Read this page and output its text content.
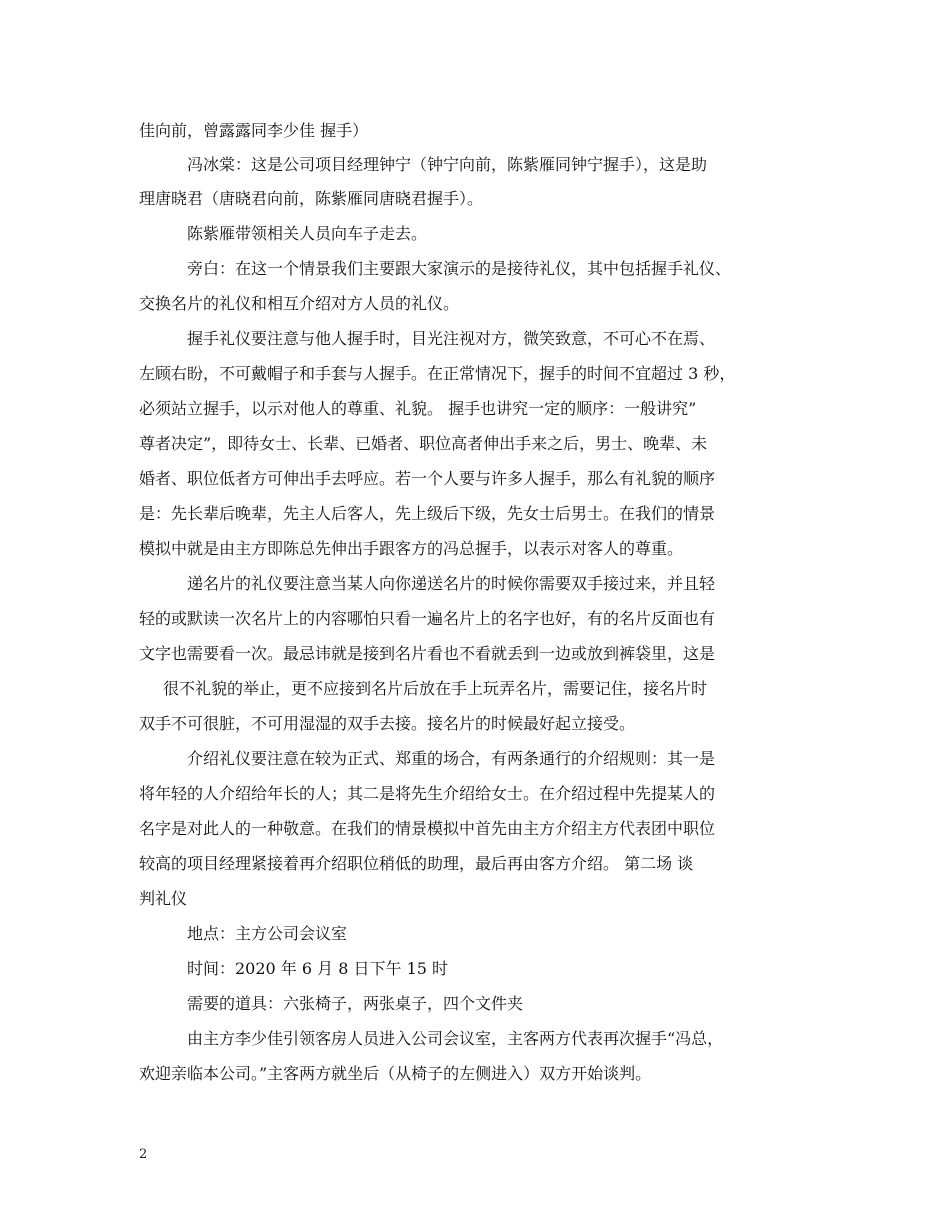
佳向前，曾露露同李少佳 握手）
冯冰棠：这是公司项目经理钟宁（钟宁向前，陈紫雁同钟宁握手），这是助
理唐晓君（唐晓君向前，陈紫雁同唐晓君握手）。
陈紫雁带领相关人员向车子走去。
旁白：在这一个情景我们主要跟大家演示的是接待礼仪，其中包括握手礼仪、
交换名片的礼仪和相互介绍对方人员的礼仪。
握手礼仪要注意与他人握手时，目光注视对方，微笑致意，不可心不在焉、
左顾右盼，不可戴帽子和手套与人握手。在正常情况下，握手的时间不宜超过 3 秒，
必须站立握手，以示对他人的尊重、礼貌。 握手也讲究一定的顺序：一般讲究”
尊者决定”，即待女士、长辈、已婚者、职位高者伸出手来之后，男士、晚辈、未
婚者、职位低者方可伸出手去呼应。若一个人要与许多人握手，那么有礼貌的顺序
是：先长辈后晚辈，先主人后客人，先上级后下级，先女士后男士。在我们的情景
模拟中就是由主方即陈总先伸出手跟客方的冯总握手，以表示对客人的尊重。
递名片的礼仪要注意当某人向你递送名片的时候你需要双手接过来，并且轻
轻的或默读一次名片上的内容哪怕只看一遍名片上的名字也好，有的名片反面也有
文字也需要看一次。最忌讳就是接到名片看也不看就丢到一边或放到裤袋里，这是
很不礼貌的举止，更不应接到名片后放在手上玩弄名片，需要记住，接名片时
双手不可很脏，不可用湿湿的双手去接。接名片的时候最好起立接受。
介绍礼仪要注意在较为正式、郑重的场合，有两条通行的介绍规则：其一是
将年轻的人介绍给年长的人；其二是将先生介绍给女士。在介绍过程中先提某人的
名字是对此人的一种敬意。在我们的情景模拟中首先由主方介绍主方代表团中职位
较高的项目经理紧接着再介绍职位稍低的助理，最后再由客方介绍。 第二场 谈
判礼仪
地点：主方公司会议室
时间：2020 年 6 月 8 日下午 15 时
需要的道具：六张椅子，两张桌子，四个文件夹
由主方李少佳引领客房人员进入公司会议室，主客两方代表再次握手“冯总，
欢迎亲临本公司。”主客两方就坐后（从椅子的左侧进入）双方开始谈判。
2
